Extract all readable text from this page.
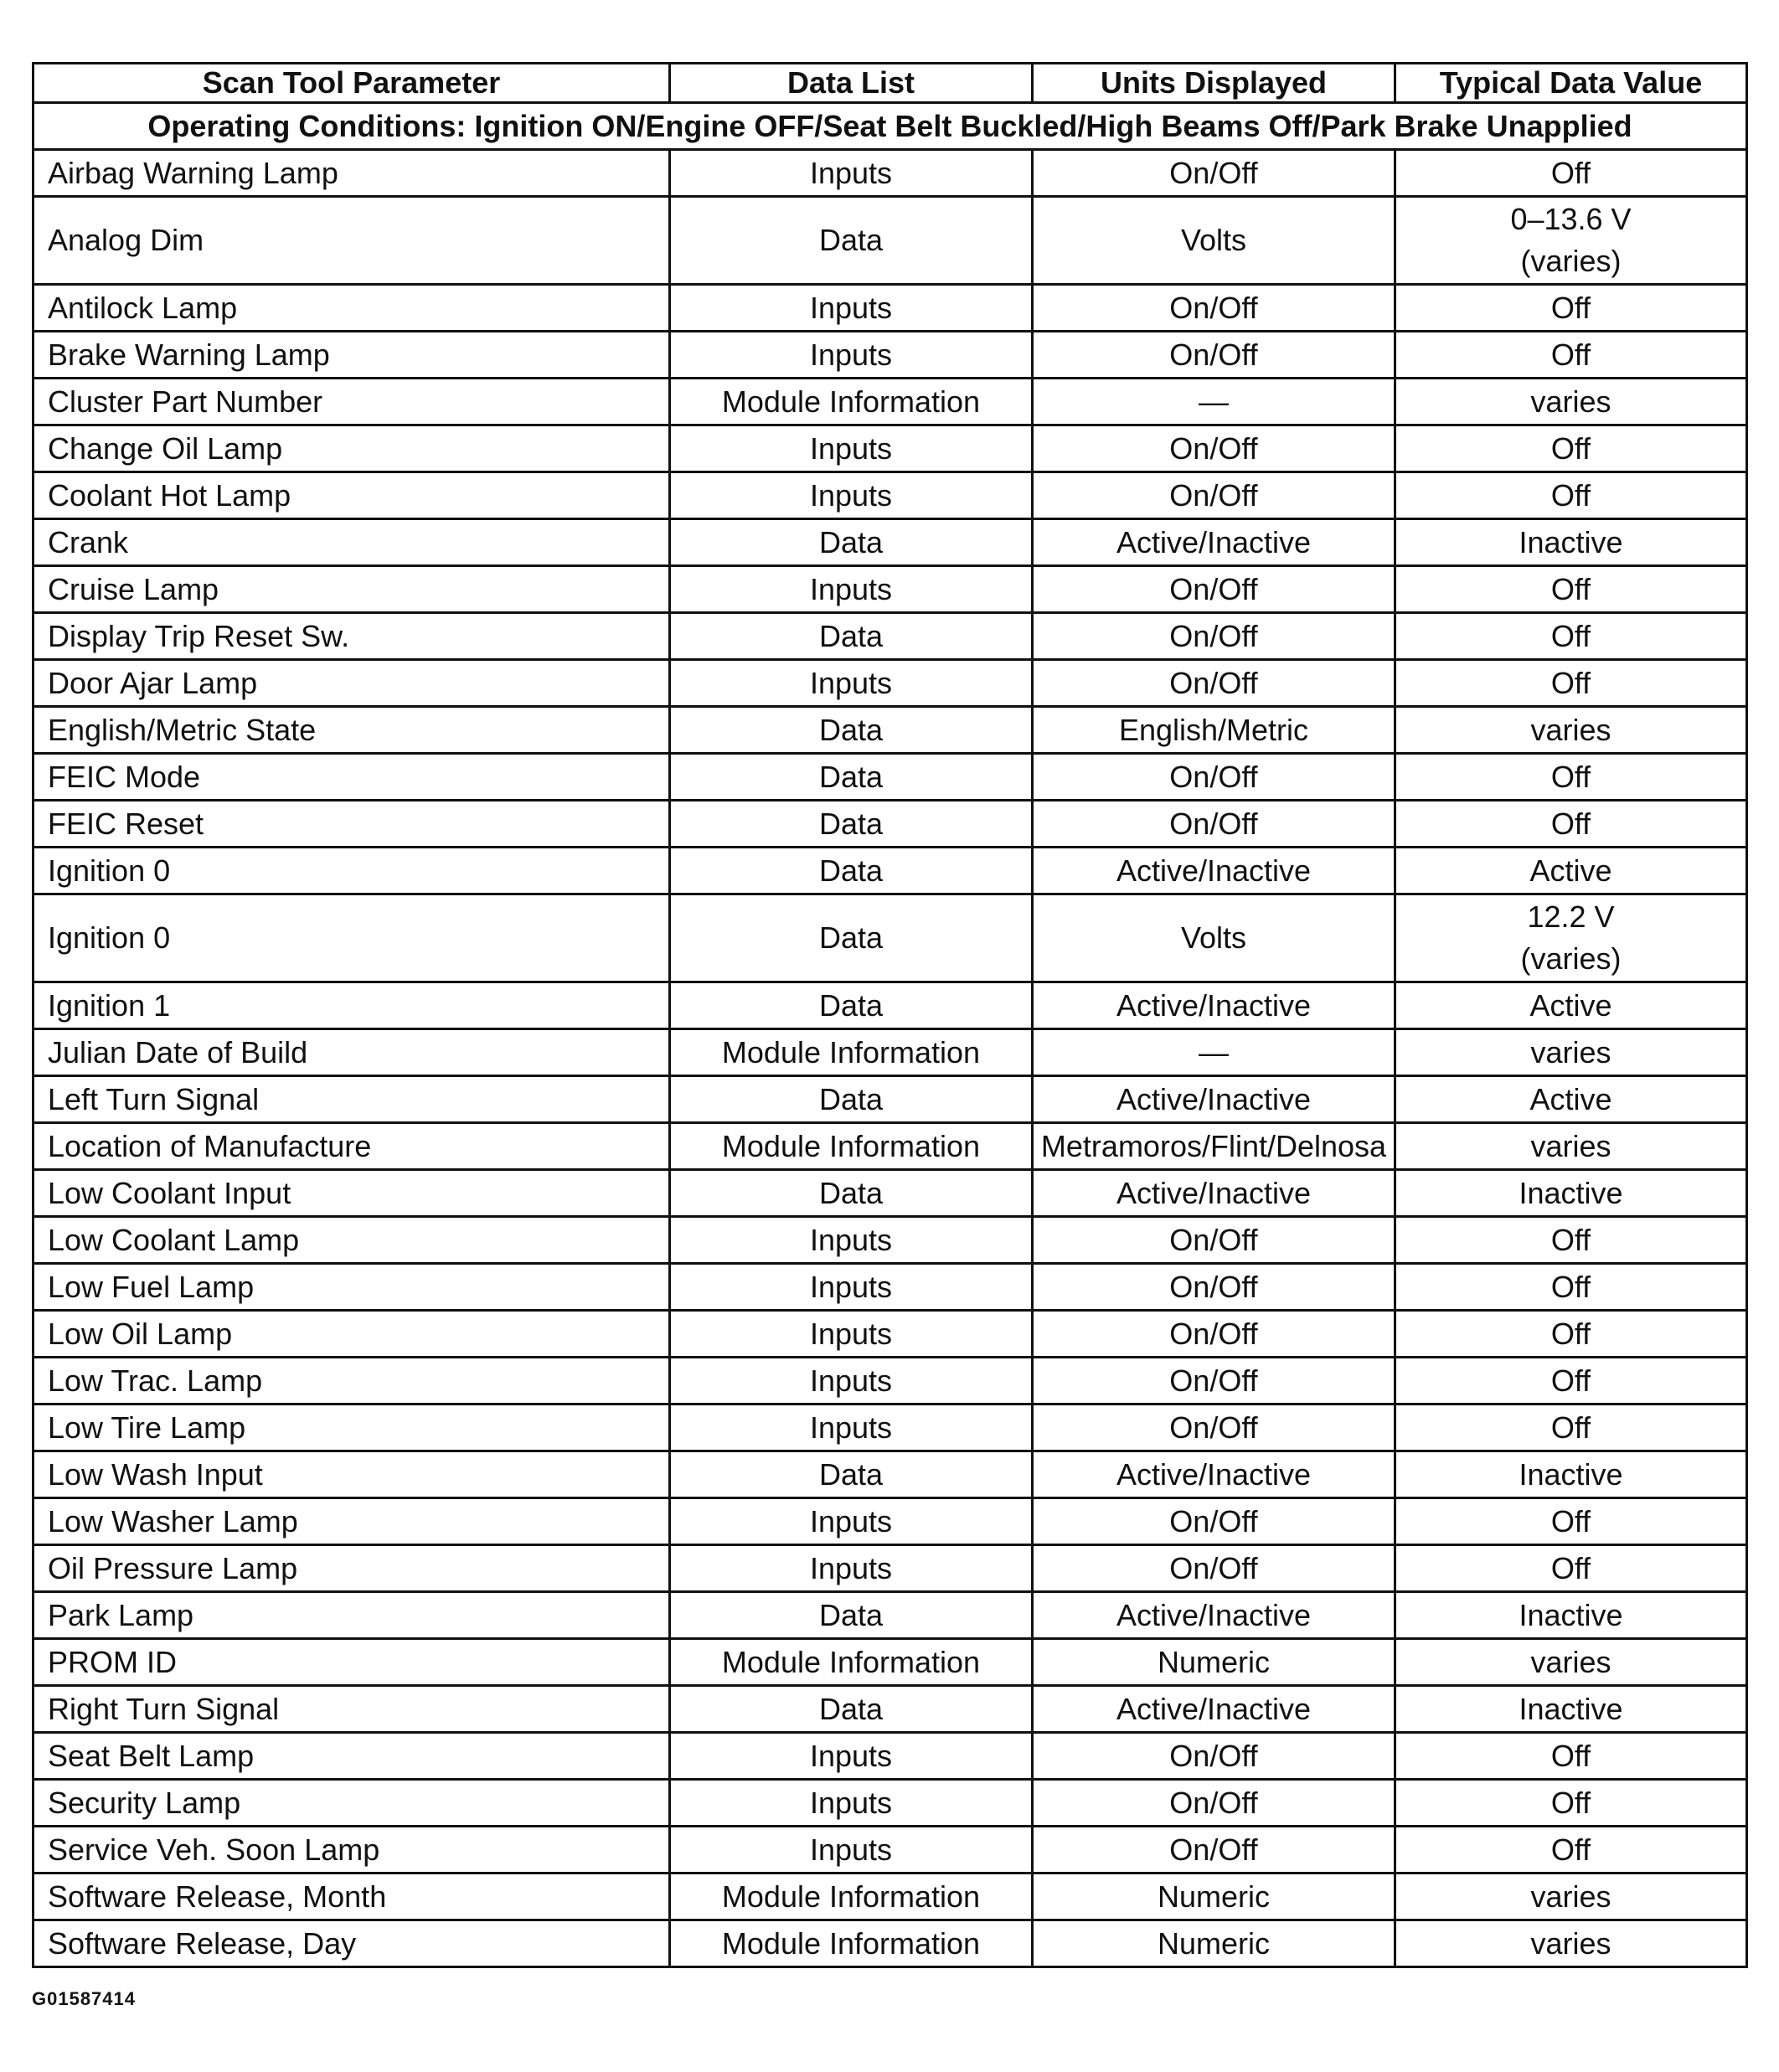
Scan Tool Parameter	Data List	Units Displayed	Typical Data Value
Operating Conditions: Ignition ON/Engine OFF/Seat Belt Buckled/High Beams Off/Park Brake Unapplied			
Airbag Warning Lamp	Inputs	On/Off	Off

Analog Dim	Data	Volts	0–13.6 V
(varies)

Antilock Lamp	Inputs	On/Off	Off

Brake Warning Lamp	Inputs	On/Off	Off

Cluster Part Number	Module Information	—	varies

Change Oil Lamp	Inputs	On/Off	Off

Coolant Hot Lamp	Inputs	On/Off	Off

Crank	Data	Active/Inactive	Inactive

Cruise Lamp	Inputs	On/Off	Off

Display Trip Reset Sw.	Data	On/Off	Off

Door Ajar Lamp	Inputs	On/Off	Off

English/Metric State	Data	English/Metric	varies

FEIC Mode	Data	On/Off	Off

FEIC Reset	Data	On/Off	Off

Ignition 0	Data	Active/Inactive	Active

Ignition 0	Data	Volts	12.2 V
(varies)

Ignition 1	Data	Active/Inactive	Active

Julian Date of Build	Module Information	—	varies

Left Turn Signal	Data	Active/Inactive	Active

Location of Manufacture	Module Information	Metramoros/Flint/Delnosa	varies

Low Coolant Input	Data	Active/Inactive	Inactive

Low Coolant Lamp	Inputs	On/Off	Off

Low Fuel Lamp	Inputs	On/Off	Off

Low Oil Lamp	Inputs	On/Off	Off

Low Trac. Lamp	Inputs	On/Off	Off

Low Tire Lamp	Inputs	On/Off	Off

Low Wash Input	Data	Active/Inactive	Inactive

Low Washer Lamp	Inputs	On/Off	Off

Oil Pressure Lamp	Inputs	On/Off	Off

Park Lamp	Data	Active/Inactive	Inactive

PROM ID	Module Information	Numeric	varies

Right Turn Signal	Data	Active/Inactive	Inactive

Seat Belt Lamp	Inputs	On/Off	Off

Security Lamp	Inputs	On/Off	Off

Service Veh. Soon Lamp	Inputs	On/Off	Off

Software Release, Month	Module Information	Numeric	varies

Software Release, Day	Module Information	Numeric	varies
G01587414
